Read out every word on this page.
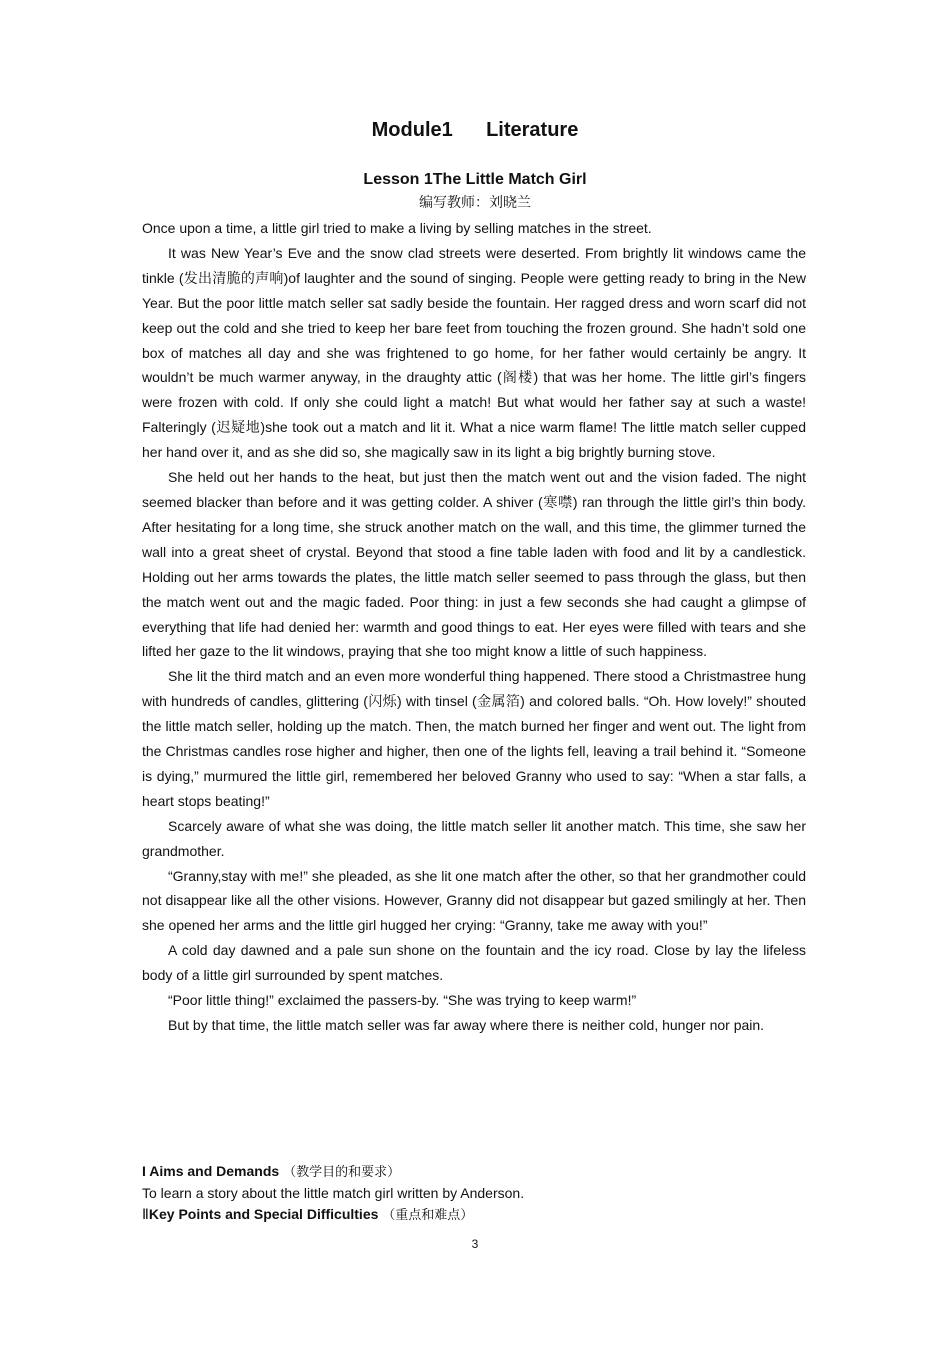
Module1      Literature
Lesson 1The Little Match Girl
编写教师：刘晓兰

Once upon a time, a little girl tried to make a living by selling matches in the street.

It was New Year’s Eve and the snow clad streets were deserted. From brightly lit windows came the tinkle (发出清脆的声响)of laughter and the sound of singing. People were getting ready to bring in the New Year. But the poor little match seller sat sadly beside the fountain. Her ragged dress and worn scarf did not keep out the cold and she tried to keep her bare feet from touching the frozen ground. She hadn’t sold one box of matches all day and she was frightened to go home, for her father would certainly be angry. It wouldn’t be much warmer anyway, in the draughty attic (阁楼) that was her home. The little girl’s fingers were frozen with cold. If only she could light a match! But what would her father say at such a waste! Falteringly (迟疑地)she took out a match and lit it. What a nice warm flame! The little match seller cupped her hand over it, and as she did so, she magically saw in its light a big brightly burning stove.

She held out her hands to the heat, but just then the match went out and the vision faded. The night seemed blacker than before and it was getting colder. A shiver (寒噤) ran through the little girl’s thin body. After hesitating for a long time, she struck another match on the wall, and this time, the glimmer turned the wall into a great sheet of crystal. Beyond that stood a fine table laden with food and lit by a candlestick. Holding out her arms towards the plates, the little match seller seemed to pass through the glass, but then the match went out and the magic faded. Poor thing: in just a few seconds she had caught a glimpse of everything that life had denied her: warmth and good things to eat. Her eyes were filled with tears and she lifted her gaze to the lit windows, praying that she too might know a little of such happiness.

She lit the third match and an even more wonderful thing happened. There stood a Christmastree hung with hundreds of candles, glittering (闪烁) with tinsel (金属箔) and colored balls. “Oh. How lovely!” shouted the little match seller, holding up the match. Then, the match burned her finger and went out. The light from the Christmas candles rose higher and higher, then one of the lights fell, leaving a trail behind it. “Someone is dying,” murmured the little girl, remembered her beloved Granny who used to say: “When a star falls, a heart stops beating!”

Scarcely aware of what she was doing, the little match seller lit another match. This time, she saw her grandmother.

“Granny,stay with me!” she pleaded, as she lit one match after the other, so that her grandmother could not disappear like all the other visions. However, Granny did not disappear but gazed smilingly at her. Then she opened her arms and the little girl hugged her crying: “Granny, take me away with you!”

A cold day dawned and a pale sun shone on the fountain and the icy road. Close by lay the lifeless body of a little girl surrounded by spent matches.

“Poor little thing!” exclaimed the passers-by. “She was trying to keep warm!”

But by that time, the little match seller was far away where there is neither cold, hunger nor pain.

I Aims and Demands （教学目的和要求）
To learn a story about the little match girl written by Anderson.
ⅡKey Points and Special Difficulties （重点和难点）
3
